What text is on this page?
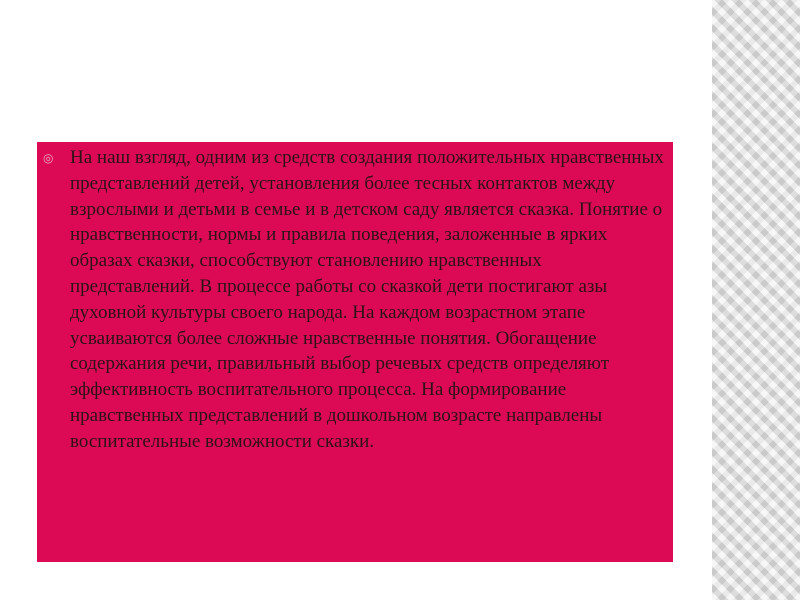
◎ На наш взгляд, одним из средств создания положительных нравственных представлений детей, установления более тесных контактов между взрослыми и детьми в семье и в детском саду является сказка. Понятие о нравственности, нормы и правила поведения, заложенные в ярких образах сказки, способствуют становлению нравственных представлений. В процессе работы со сказкой дети постигают азы духовной культуры своего народа. На каждом возрастном этапе усваиваются более сложные нравственные понятия. Обогащение содержания речи, правильный выбор речевых средств определяют эффективность воспитательного процесса. На формирование нравственных представлений в дошкольном возрасте направлены воспитательные возможности сказки.
